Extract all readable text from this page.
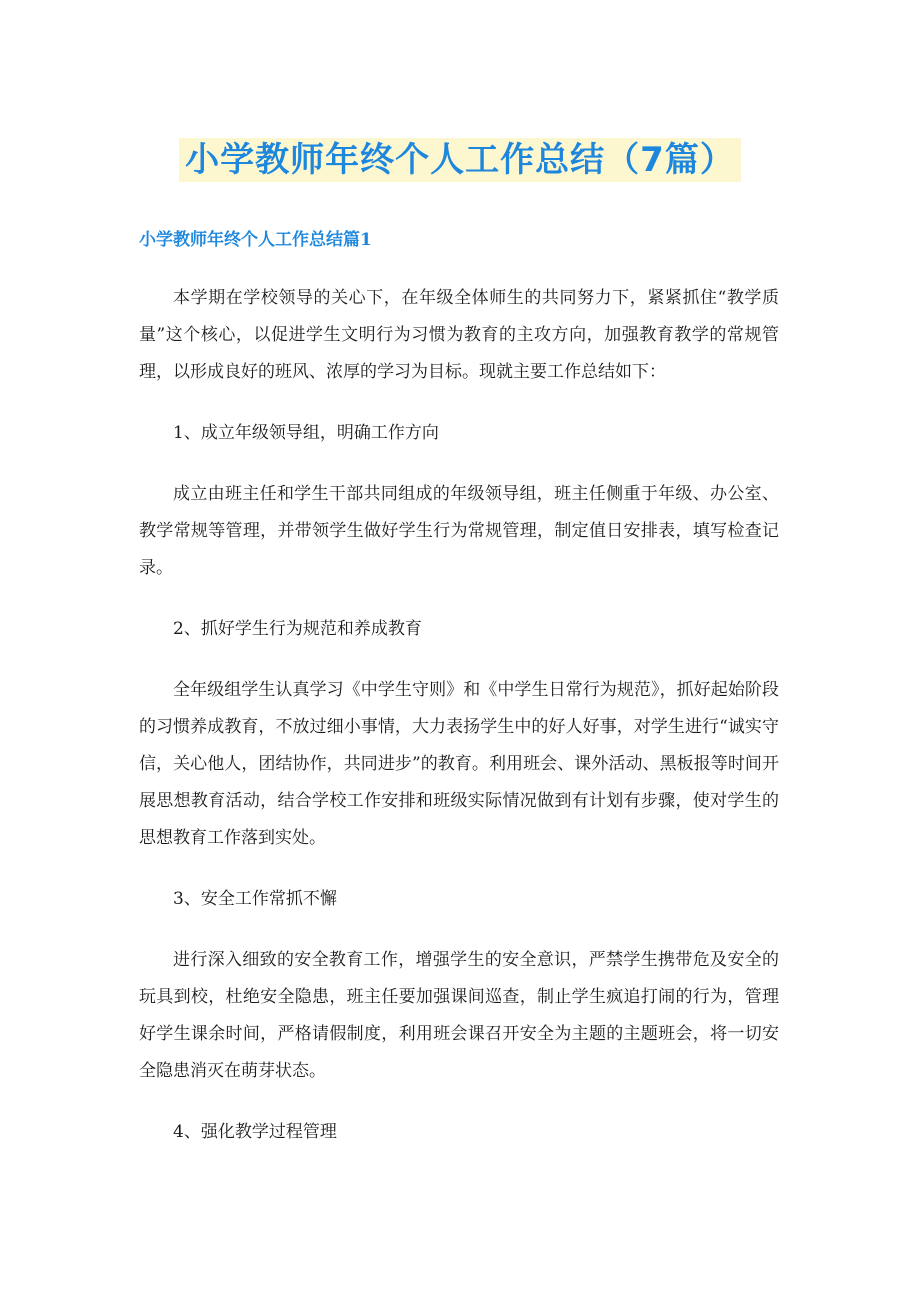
小学教师年终个人工作总结（7篇）
小学教师年终个人工作总结篇1

本学期在学校领导的关心下，在年级全体师生的共同努力下，紧紧抓住“教学质量”这个核心，以促进学生文明行为习惯为教育的主攻方向，加强教育教学的常规管理，以形成良好的班风、浓厚的学习为目标。现就主要工作总结如下：

1、成立年级领导组，明确工作方向

成立由班主任和学生干部共同组成的年级领导组，班主任侧重于年级、办公室、教学常规等管理，并带领学生做好学生行为常规管理，制定值日安排表，填写检查记录。

2、抓好学生行为规范和养成教育

全年级组学生认真学习《中学生守则》和《中学生日常行为规范》，抓好起始阶段的习惯养成教育，不放过细小事情，大力表扬学生中的好人好事，对学生进行“诚实守信，关心他人，团结协作，共同进步”的教育。利用班会、课外活动、黑板报等时间开展思想教育活动，结合学校工作安排和班级实际情况做到有计划有步骤，使对学生的思想教育工作落到实处。

3、安全工作常抓不懈

进行深入细致的安全教育工作，增强学生的安全意识，严禁学生携带危及安全的玩具到校，杜绝安全隐患，班主任要加强课间巡查，制止学生疯追打闹的行为，管理好学生课余时间，严格请假制度，利用班会课召开安全为主题的主题班会，将一切安全隐患消灭在萌芽状态。

4、强化教学过程管理
